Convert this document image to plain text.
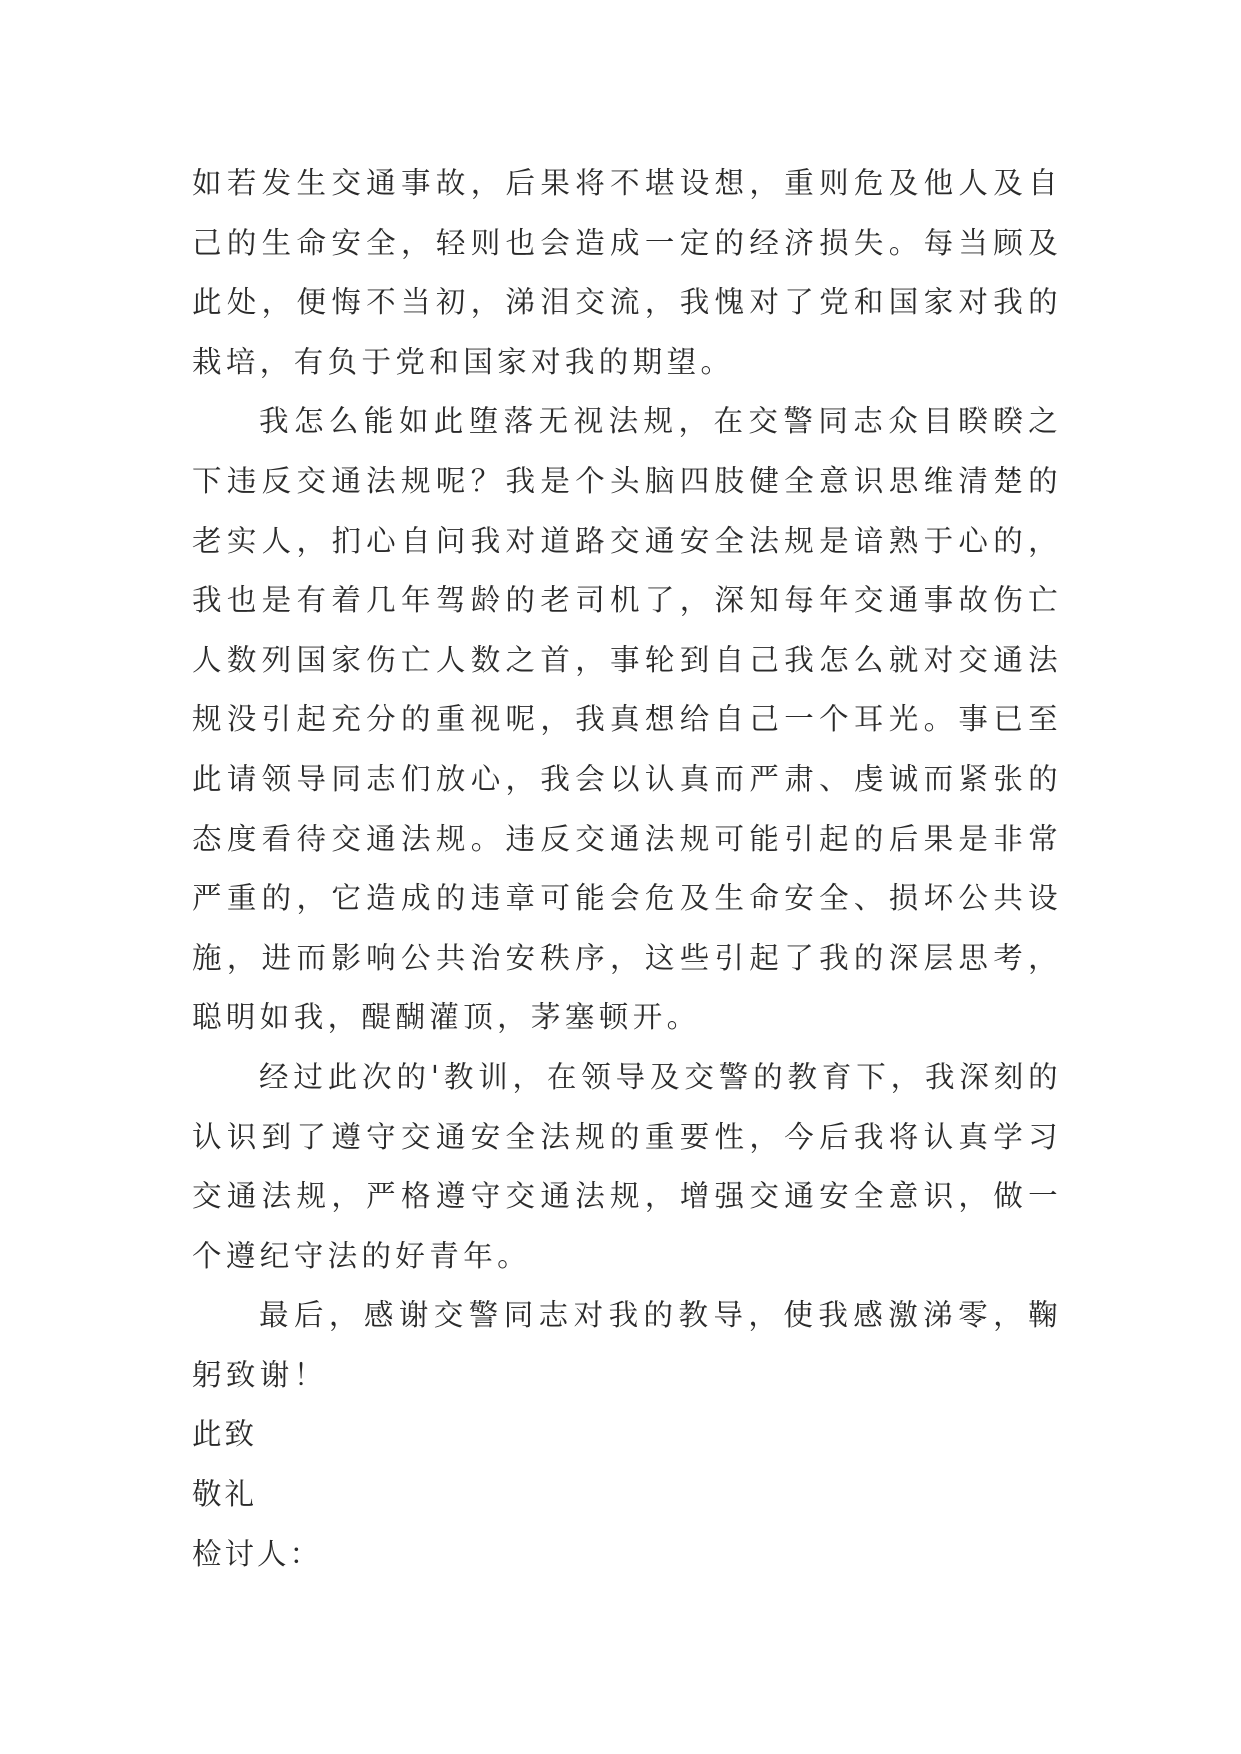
如若发生交通事故，后果将不堪设想，重则危及他人及自己的生命安全，轻则也会造成一定的经济损失。每当顾及此处，便悔不当初，涕泪交流，我愧对了党和国家对我的栽培，有负于党和国家对我的期望。

我怎么能如此堕落无视法规，在交警同志众目睽睽之下违反交通法规呢？我是个头脑四肢健全意识思维清楚的老实人，扪心自问我对道路交通安全法规是谙熟于心的，我也是有着几年驾龄的老司机了，深知每年交通事故伤亡人数列国家伤亡人数之首，事轮到自己我怎么就对交通法规没引起充分的重视呢，我真想给自己一个耳光。事已至此请领导同志们放心，我会以认真而严肃、虔诚而紧张的态度看待交通法规。违反交通法规可能引起的后果是非常严重的，它造成的违章可能会危及生命安全、损坏公共设施，进而影响公共治安秩序，这些引起了我的深层思考，聪明如我，醍醐灌顶，茅塞顿开。

经过此次的'教训，在领导及交警的教育下，我深刻的认识到了遵守交通安全法规的重要性，今后我将认真学习交通法规，严格遵守交通法规，增强交通安全意识，做一个遵纪守法的好青年。

最后，感谢交警同志对我的教导，使我感激涕零，鞠躬致谢！

此致

敬礼

检讨人：
